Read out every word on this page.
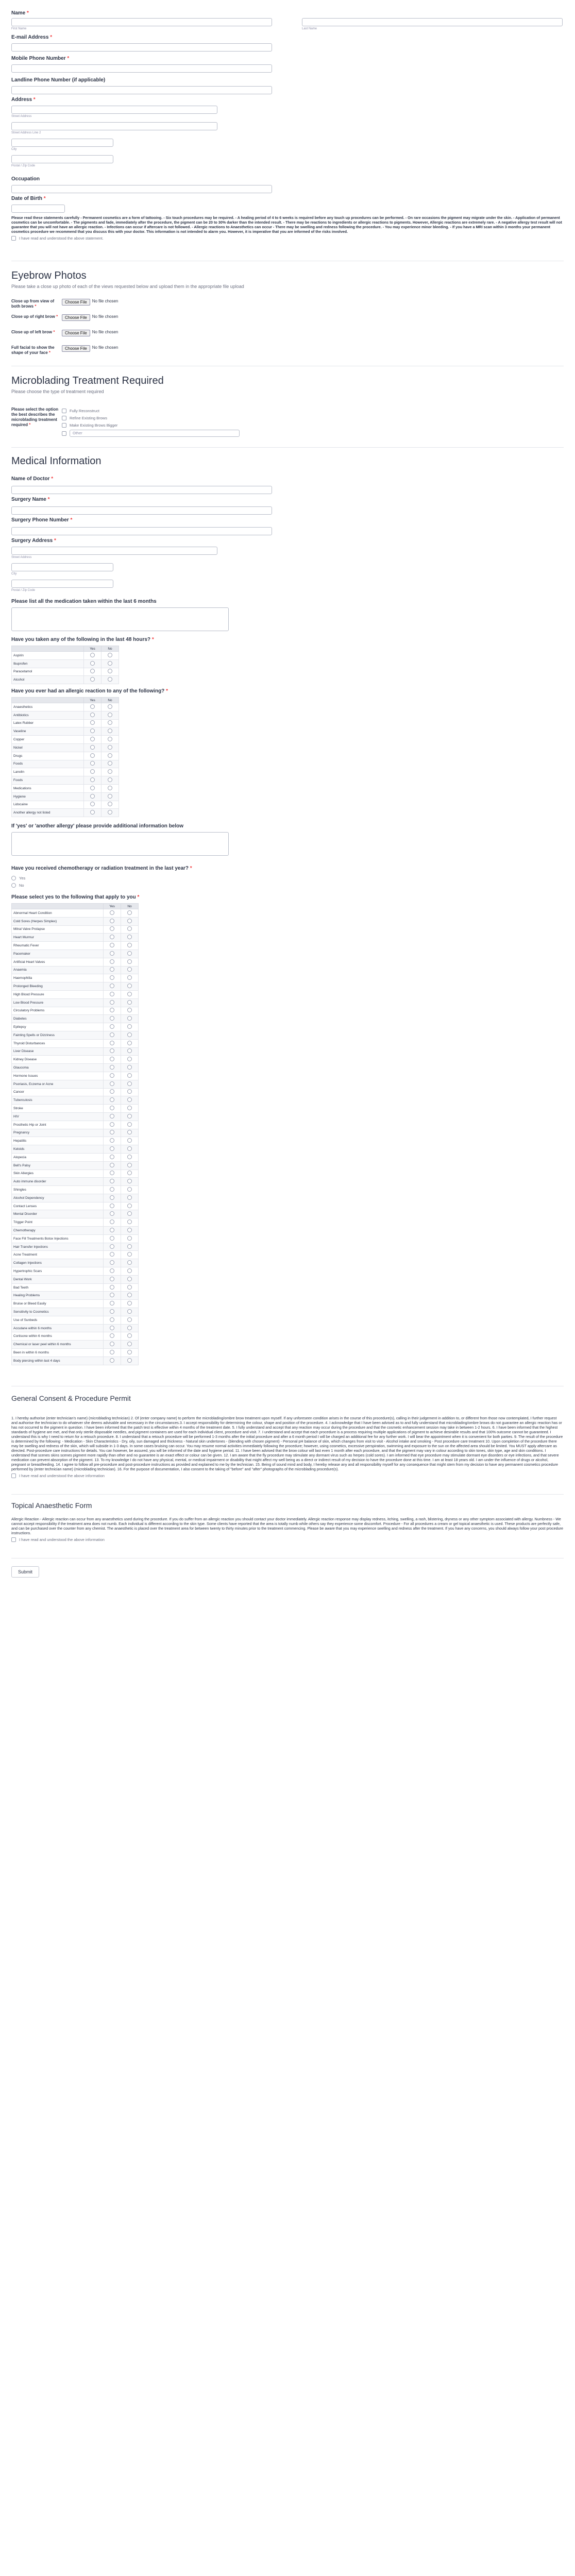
Name *
First Name	Last Name
E-mail Address *
Mobile Phone Number *
Landline Phone Number (if applicable)
Address *
Street Address
Street Address Line 2
City
Postal / Zip Code
Occupation
Date of Birth *
Please read these statements carefully - Permanent cosmetics are a form of tattooing. - Six touch procedures may be required. - A healing period of 4 to 6 weeks is required before any touch up procedures can be performed. - On rare occasions the pigment may migrate under the skin. - Application of permanent cosmetics can be uncomfortable. - The pigments and fade, immediately after the procedure, the pigment can be 20 to 30% darker than the intended result. - There may be reactions to ingredients or allergic reactions to pigments. However, Allergic reactions are extremely rare. - A negative allergy test result will not guarantee that you will not have an allergic reaction. - Infections can occur if aftercare is not followed. - Allergic reactions to Anaesthetics can occur - There may be swelling and redness following the procedure. - You may experience minor bleeding. - If you have a MRI scan within 3 months your permanent cosmetics procedure we recommend that you discuss this with your doctor. This information is not intended to alarm you. However, it is imperative that you are informed of the risks involved.
I have read and understood the above statement.
Eyebrow Photos
Please take a close up photo of each of the views requested below and upload them in the appropriate file upload
Close up from view of both brows *
Choose File	No file chosen
Close up of right brow *	Choose File	No file chosen
Close up of left brow *	Choose File	No file chosen
Full facial to show the shape of your face *
Choose File	No file chosen
Microblading Treatment Required
Please choose the type of treatment required
Please select the option the best describes the microblading treatment required *
Fully Reconstruct
Refine Existing Brows
Make Existing Brows Bigger
Other
Medical Information
Name of Doctor *
Surgery Name *
Surgery Phone Number *
Surgery Address *
Street Address
City
Postal / Zip Code
Please list all the medication taken within the last 6 months
Have you taken any of the following in the last 48 hours? *
	Yes	No
Aspirin		
Ibuprofen		
Paracetamol		
Alcohol		
Have you ever had an allergic reaction to any of the following? *
	Yes	No
Anaesthetics		
Antibiotics		
Latex Rubber		
Vaseline		
Copper		
Nickel		
Drugs		
Foods		
Lanolin		
Foods		
Medications		
Hygiene		
Lidocaine		
Another allergy not listed		
If 'yes' or 'another allergy' please provide additional information below
Have you received chemotherapy or radiation treatment in the last year? *
Yes
No
Please select yes to the following that apply to you *
	Yes	No
Abnormal Heart Condition		
Cold Sores (Herpes Simplex)		
Mitral Valve Prolapse		
Heart Murmur		
Rheumatic Fever		
Pacemaker		
Artificial Heart Valves		
Anaemia		
Haemophilia		
Prolonged Bleeding		
High Blood Pressure		
Low Blood Pressure		
Circulatory Problems		
Diabetes		
Epilepsy		
Fainting Spells or Dizziness		
Thyroid Disturbances		
Liver Disease		
Kidney Disease		
Glaucoma		
Hormone Issues		
Psoriasis, Eczema or Acne		
Cancer		
Tuberculosis		
Stroke		
HIV		
Prosthetic Hip or Joint		
Pregnancy		
Hepatitis		
Keloids		
Alopecia		
Bell's Palsy		
Skin Allergies		
Auto immune disorder		
Shingles		
Alcohol Dependency		
Contact Lenses		
Mental Disorder		
Trigger Point		
Chemotherapy		
Face Fill Treatments Botox Injections		
Hair Transfer Injections		
Acne Treatment		
Collagen Injections		
Hypertrophic Scars		
Dental Work		
Bad Teeth		
Healing Problems		
Bruise or Bleed Easily		
Sensitivity to Cosmetics		
Use of Sunbeds		
Accutane within 6 months		
Cortisone within 6 months		
Chemical or laser peel within 6 months		
Been in within 6 months		
Body piercing within last 4 days		
General Consent & Procedure Permit
1. I hereby authorise (enter technician's name) (microblading technician) 2. Of (enter company name) to perform the microblading/ombre brow treatment upon myself. If any unforeseen condition arises in the course of this procedure(s), calling in their judgement in addition to, or different from those now contemplated, I further request and authorise the technician to do whatever she deems advisable and necessary in the circumstances.3. I accept responsibility for determining the colour, shape and position of the procedure. 4. I acknowledge that I have been advised as to and fully understand that microblading/ombre brows do not guarantee an allergic reaction has or has not occurred to the pigment in question. I have been informed that the patch test is effective within 4 months of the treatment date. 5. I fully understand and accept that any reaction may occur during the procedure and that the cosmetic enhancement session may take in between 1-2 hours. 6. I have been informed that the highest standards of hygiene are met, and that only sterile disposable needles, and pigment containers are used for each individual client, procedure and visit. 7. I understand and accept that each procedure is a process requiring multiple applications of pigment to achieve desirable results and that 100% outcome cannot be guaranteed. I understand this is why I need to return for a retouch procedure. 8. I understand that a retouch procedure will be performed 1-3 months after the initial procedure and after a 6 month period I will be charged an additional fee for any further work. I will bear the appointment when it is convenient for both parties. 9. The result of the procedure is determined by the following: - Medication - Skin Characteristics - Dry, oily, sun damaged and thickness - Natural skin undertones - (blending with chosen pigment) - Personal pH balance of skin, which changes from visit to visit - Alcohol intake and smoking - Post procedure care treatment 10. Upon completion of the procedure there may be swelling and redness of the skin, which will subside in 1-3 days. In some cases bruising can occur. You may resume normal activities immediately following the procedure; however, using cosmetics, excessive perspiration, swimming and exposure to the sun on the affected area should be limited. You MUST apply aftercare as directed. Post-procedure care instructions for details. You can however, be assured, you will be informed of the date and hygiene period. 11. I have been advised that the brow colour will last even 1 month after each procedure, and that the pigment may vary in colour according to skin tones, skin type, age and skin conditions. I understand that scenes skins scenes pigment more rapidly than other and no guarantee is an exact effect or colour can be given. 12. I am aware that the fly procedure may stimulate any dormant virus such as herpes (cold sores). I am informed that eye procedure may stimulate dormant eye disorders or eye infections, and that severe medication can prevent absorption of the pigment. 13. To my knowledge I do not have any physical, mental, or medical impairment or disability that might affect my well being as a direct or indirect result of my decision to have the procedure done at this time. I am at least 18 years old. I am under the influence of drugs or alcohol, pregnant or breastfeeding. 14. I agree to follow all pre-procedure and post-procedure instructions as provided and explained to me by the technician. 15. Being of sound mind and body, I hereby release any and all responsibility myself for any consequence that might stem from my decision to have any permanent cosmetics procedure performed by (enter technician name) (microblading technician). 16. For the purpose of documentation, I also consent to the taking of "before" and "after" photographs of the microblading procedure(s).
I have read and understood the above information
Topical Anaesthetic Form
Allergic Reaction - Allergic reaction can occur from any anaesthetics used during the procedure. If you do suffer from an allergic reaction you should contact your doctor immediately. Allergic reaction response may display redness, itching, swelling, a rash, blistering, dryness or any other symptom associated with allergy. Numbness - We cannot accept responsibility if the treatment area does not numb. Each individual is different according to the skin type. Some clients have reported that the area is totally numb while others say they experience some discomfort. Procedure - For all procedures a cream or gel topical anaesthetic is used. These products are perfectly safe, and can be purchased over the counter from any chemist. The anaesthetic is placed over the treatment area for between twenty to thirty minutes prior to the treatment commencing. Please be aware that you may experience swelling and redness after the treatment. If you have any concerns, you should always follow your post procedure instructions.
I have read and understood the above information
Submit
